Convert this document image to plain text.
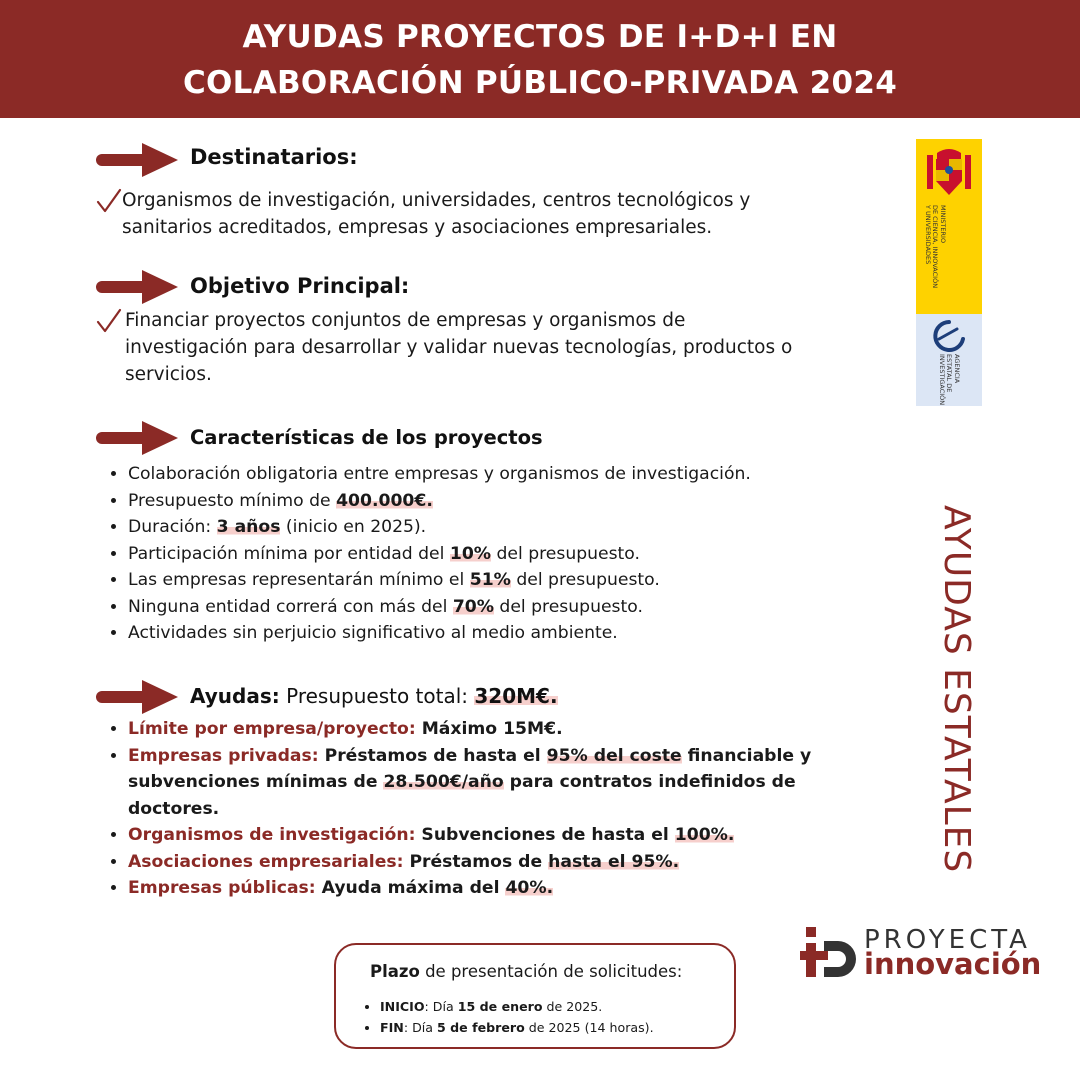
AYUDAS PROYECTOS DE I+D+I EN
COLABORACIÓN PÚBLICO-PRIVADA 2024
Destinatarios:
Organismos de investigación, universidades, centros tecnológicos y
sanitarios acreditados, empresas y asociaciones empresariales.
Objetivo Principal:
Financiar proyectos conjuntos de empresas y organismos de
investigación para desarrollar y validar nuevas tecnologías, productos o
servicios.
Características de los proyectos
• Colaboración obligatoria entre empresas y organismos de investigación.
• Presupuesto mínimo de 400.000€.
• Duración: 3 años (inicio en 2025).
• Participación mínima por entidad del 10% del presupuesto.
• Las empresas representarán mínimo el 51% del presupuesto.
• Ninguna entidad correrá con más del 70% del presupuesto.
• Actividades sin perjuicio significativo al medio ambiente.
Ayudas: Presupuesto total: 320M€.
• Límite por empresa/proyecto: Máximo 15M€.
• Empresas privadas: Préstamos de hasta el 95% del coste financiable y
subvenciones mínimas de 28.500€/año para contratos indefinidos de
doctores.
• Organismos de investigación: Subvenciones de hasta el 100%.
• Asociaciones empresariales: Préstamos de hasta el 95%.
• Empresas públicas: Ayuda máxima del 40%.
MINISTERIO
DE CIENCIA, INNOVACIÓN
Y UNIVERSIDADES
AGENCIA
ESTATAL DE
INVESTIGACIÓN
AYUDAS ESTATALES
PROYECTA
innovación
Plazo de presentación de solicitudes:
• INICIO: Día 15 de enero de 2025.
• FIN: Día 5 de febrero de 2025 (14 horas).
